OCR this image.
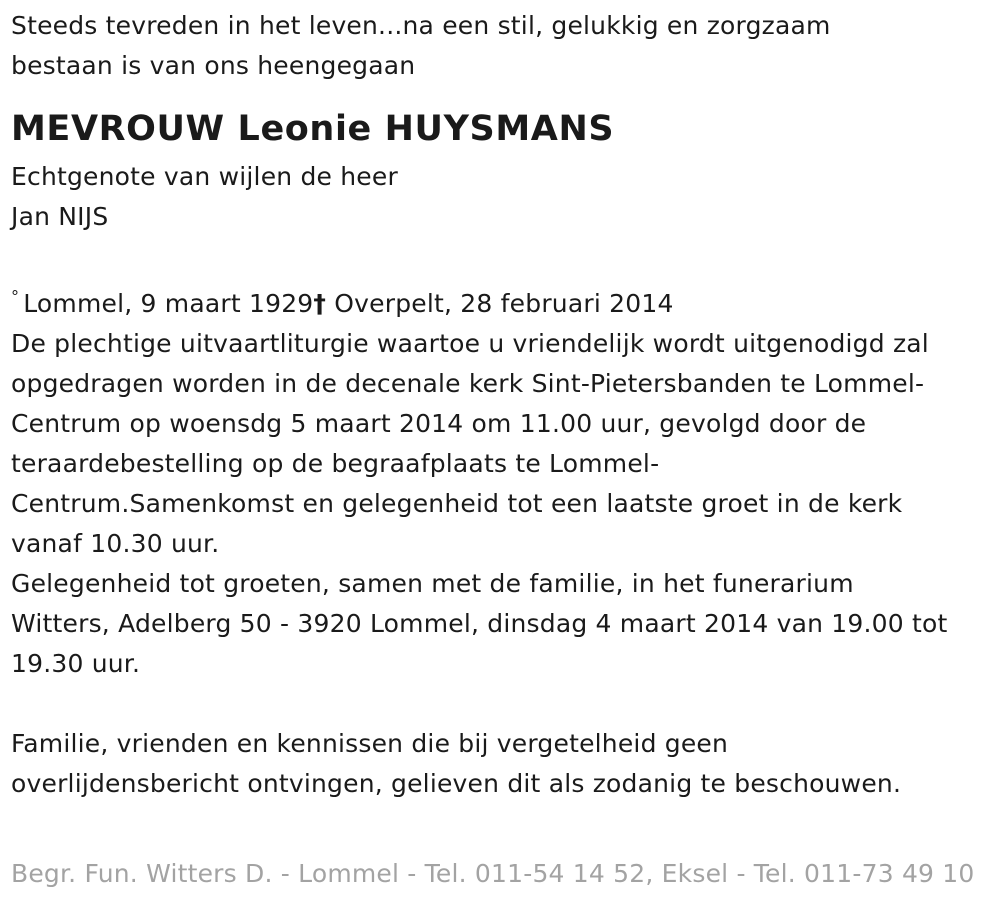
Steeds tevreden in het leven...na een stil, gelukkig en zorgzaam
bestaan is van ons heengegaan
MEVROUW Leonie HUYSMANS
Echtgenote van wijlen de heer
Jan NIJS
° Lommel, 9 maart 1929† Overpelt, 28 februari 2014
De plechtige uitvaartliturgie waartoe u vriendelijk wordt uitgenodigd zal
opgedragen worden in de decenale kerk Sint-Pietersbanden te Lommel-
Centrum op woensdg 5 maart 2014 om 11.00 uur, gevolgd door de
teraardebestelling op de begraafplaats te Lommel-
Centrum.Samenkomst en gelegenheid tot een laatste groet in de kerk
vanaf 10.30 uur.
Gelegenheid tot groeten, samen met de familie, in het funerarium
Witters, Adelberg 50 - 3920 Lommel, dinsdag 4 maart 2014 van 19.00 tot
19.30 uur.
Familie, vrienden en kennissen die bij vergetelheid geen
overlijdensbericht ontvingen, gelieven dit als zodanig te beschouwen.
Begr. Fun. Witters D. - Lommel - Tel. 011-54 14 52, Eksel - Tel. 011-73 49 10
